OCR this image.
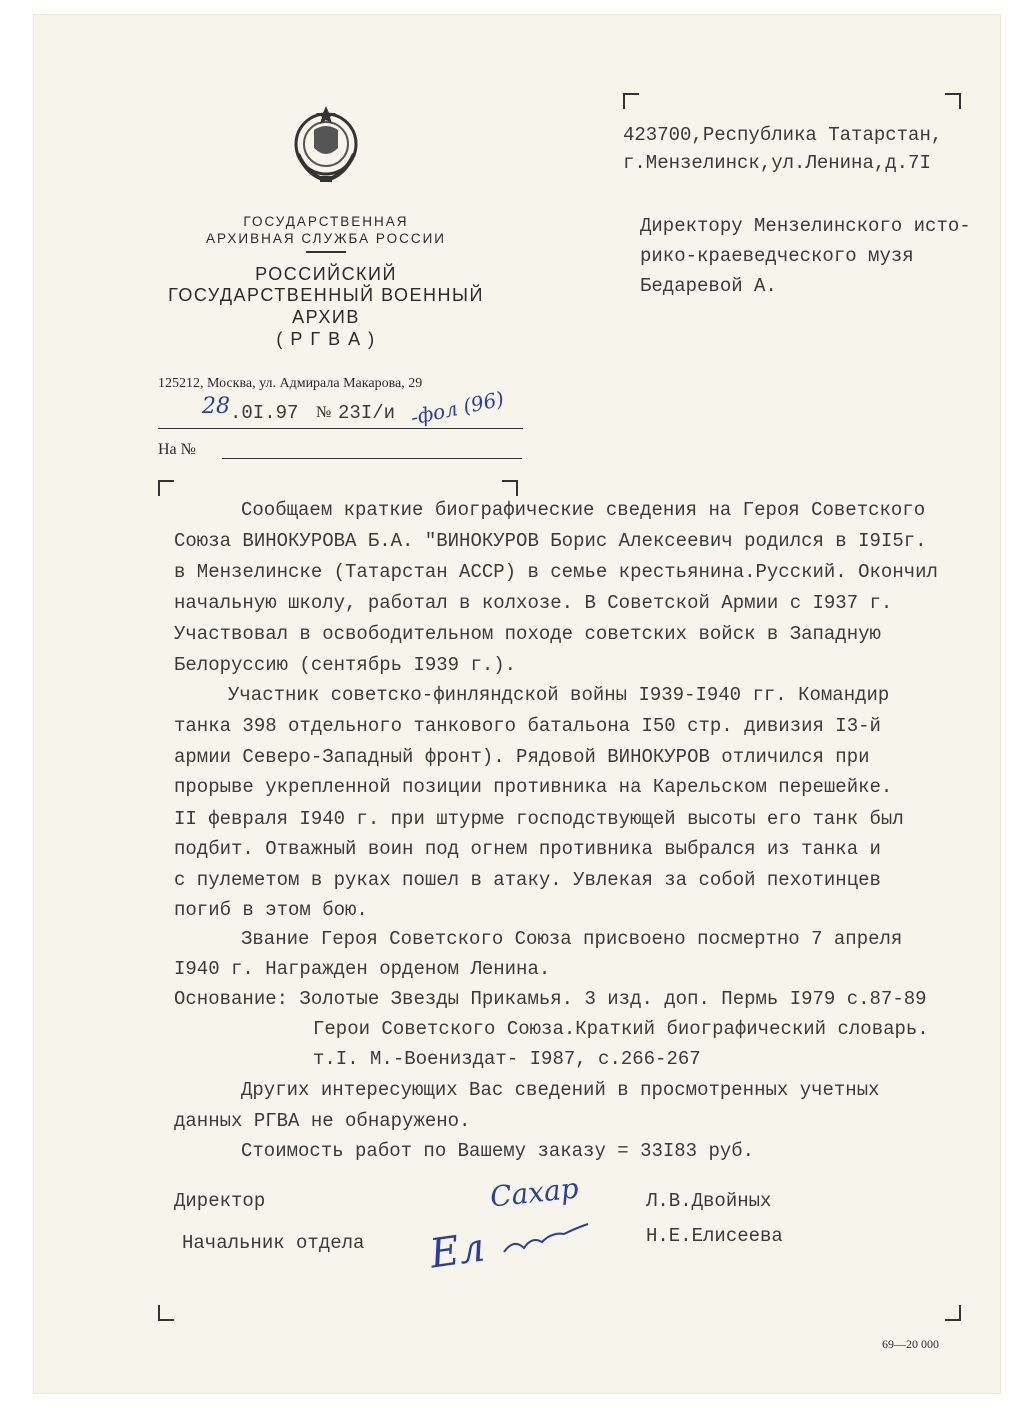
ГОСУДАРСТВЕННАЯ
АРХИВНАЯ СЛУЖБА РОССИИ
РОССИЙСКИЙ
ГОСУДАРСТВЕННЫЙ ВОЕННЫЙ
АРХИВ
( Р Г В А )
125212, Москва, ул. Адмирала Макарова, 29
28 .0I.97 № 23I/и -фол (96)
На №
423700,Республика Татарстан,
г.Мензелинск,ул.Ленина,д.7I
Директору Мензелинского исто-
рико-краеведческого музя
Бедаревой А.
Сообщаем краткие биографические сведения на Героя Советского
Союза ВИНОКУРОВА Б.А. "ВИНОКУРОВ Борис Алексеевич родился в I9I5г.
в Мензелинске (Татарстан АССР) в семье крестьянина.Русский. Окончил
начальную школу, работал в колхозе. В Советской Армии с I937 г.
Участвовал в освободительном походе советских войск в Западную
Белоруссию (сентябрь I939 г.).
Участник советско-финляндской войны I939-I940 гг. Командир
танка 398 отдельного танкового батальона I50 стр. дивизия I3-й
армии Северо-Западный фронт). Рядовой ВИНОКУРОВ отличился при
прорыве укрепленной позиции противника на Карельском перешейке.
II февраля I940 г. при штурме господствующей высоты его танк был
подбит. Отважный воин под огнем противника выбрался из танка и
с пулеметом в руках пошел в атаку. Увлекая за собой пехотинцев
погиб в этом бою.
Звание Героя Советского Союза присвоено посмертно 7 апреля
I940 г. Награжден орденом Ленина.
Основание: Золотые Звезды Прикамья. 3 изд. доп. Пермь I979 с.87-89
Герои Советского Союза.Краткий биографический словарь.
т.I. М.-Воениздат- I987, с.266-267
Других интересующих Вас сведений в просмотренных учетных
данных РГВА не обнаружено.
Стоимость работ по Вашему заказу = 33I83 руб.
Директор	Сахар	Л.В.Двойных
Начальник отдела Ел	Н.Е.Елисеева
69—20 000
